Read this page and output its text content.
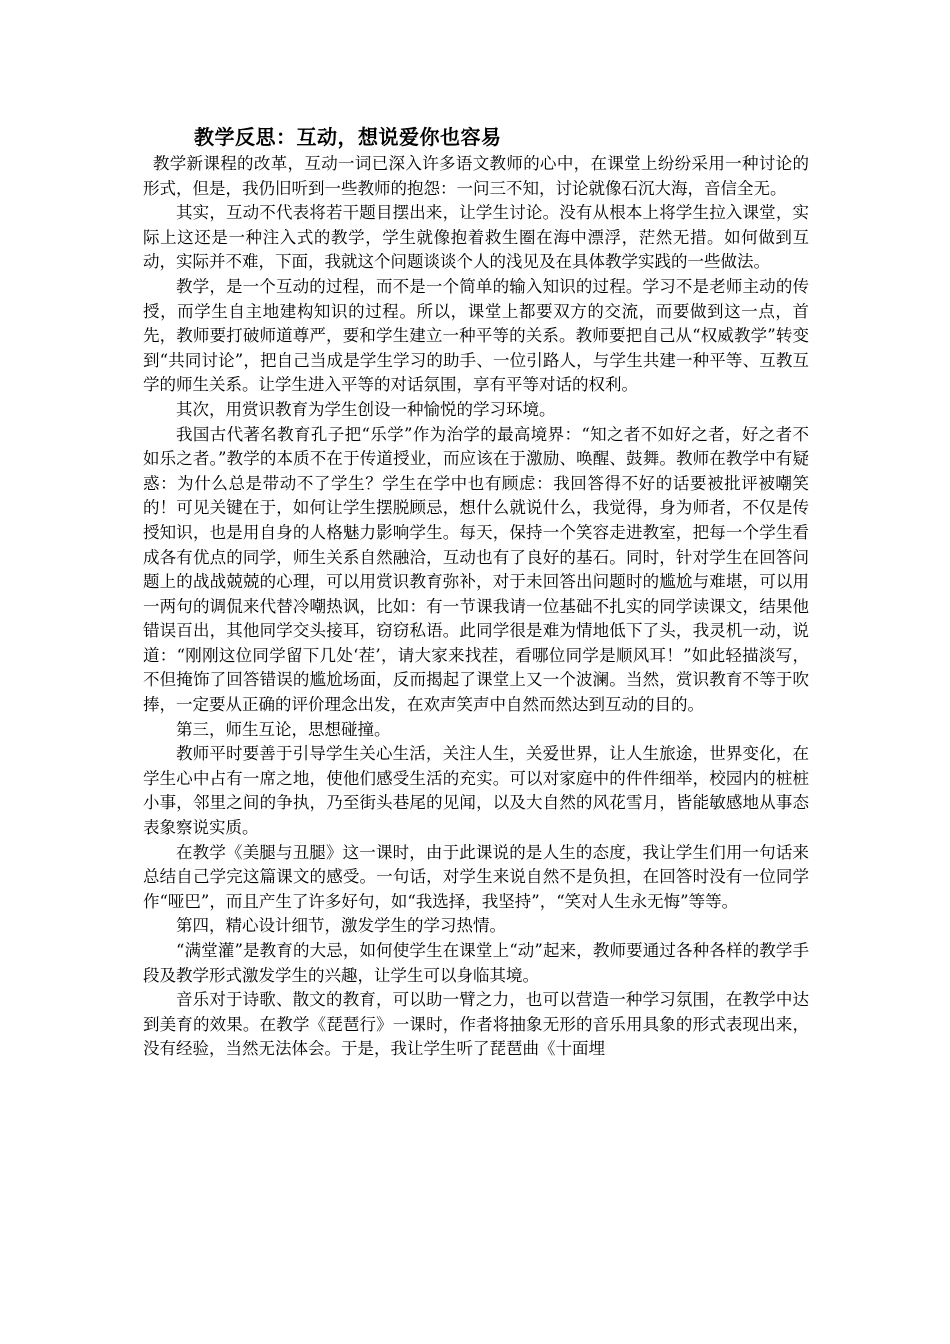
教学反思：互动，想说爱你也容易

教学新课程的改革，互动一词已深入许多语文教师的心中，在课堂上纷纷采用一种讨论的形式，但是，我仍旧听到一些教师的抱怨：一问三不知，讨论就像石沉大海，音信全无。

其实，互动不代表将若干题目摆出来，让学生讨论。没有从根本上将学生拉入课堂，实际上这还是一种注入式的教学，学生就像抱着救生圈在海中漂浮，茫然无措。如何做到互动，实际并不难，下面，我就这个问题谈谈个人的浅见及在具体教学实践的一些做法。

教学，是一个互动的过程，而不是一个简单的输入知识的过程。学习不是老师主动的传授，而学生自主地建构知识的过程。所以，课堂上都要双方的交流，而要做到这一点，首先，教师要打破师道尊严，要和学生建立一种平等的关系。教师要把自己从“权威教学”转变到“共同讨论”，把自己当成是学生学习的助手、一位引路人，与学生共建一种平等、互教互学的师生关系。让学生进入平等的对话氛围，享有平等对话的权利。

其次，用赏识教育为学生创设一种愉悦的学习环境。

我国古代著名教育孔子把“乐学”作为治学的最高境界：“知之者不如好之者，好之者不如乐之者。”教学的本质不在于传道授业，而应该在于激励、唤醒、鼓舞。教师在教学中有疑惑：为什么总是带动不了学生？学生在学中也有顾虑：我回答得不好的话要被批评被嘲笑的！可见关键在于，如何让学生摆脱顾忌，想什么就说什么，我觉得，身为师者，不仅是传授知识，也是用自身的人格魅力影响学生。每天，保持一个笑容走进教室，把每一个学生看成各有优点的同学，师生关系自然融洽，互动也有了良好的基石。同时，针对学生在回答问题上的战战兢兢的心理，可以用赏识教育弥补，对于未回答出问题时的尴尬与难堪，可以用一两句的调侃来代替冷嘲热讽，比如：有一节课我请一位基础不扎实的同学读课文，结果他错误百出，其他同学交头接耳，窃窃私语。此同学很是难为情地低下了头，我灵机一动，说道：“刚刚这位同学留下几处‘茬’，请大家来找茬，看哪位同学是顺风耳！”如此轻描淡写，不但掩饰了回答错误的尴尬场面，反而揭起了课堂上又一个波澜。当然，赏识教育不等于吹捧，一定要从正确的评价理念出发，在欢声笑声中自然而然达到互动的目的。

第三，师生互论，思想碰撞。

教师平时要善于引导学生关心生活，关注人生，关爱世界，让人生旅途，世界变化，在学生心中占有一席之地，使他们感受生活的充实。可以对家庭中的件件细举，校园内的桩桩小事，邻里之间的争执，乃至街头巷尾的见闻，以及大自然的风花雪月，皆能敏感地从事态表象察说实质。

在教学《美腿与丑腿》这一课时，由于此课说的是人生的态度，我让学生们用一句话来总结自己学完这篇课文的感受。一句话，对学生来说自然不是负担，在回答时没有一位同学作“哑巴”，而且产生了许多好句，如“我选择，我坚持”，“笑对人生永无悔”等等。

第四，精心设计细节，激发学生的学习热情。

“满堂灌”是教育的大忌，如何使学生在课堂上“动”起来，教师要通过各种各样的教学手段及教学形式激发学生的兴趣，让学生可以身临其境。

音乐对于诗歌、散文的教育，可以助一臂之力，也可以营造一种学习氛围，在教学中达到美育的效果。在教学《琵琶行》一课时，作者将抽象无形的音乐用具象的形式表现出来，没有经验，当然无法体会。于是，我让学生听了琵琶曲《十面埋
